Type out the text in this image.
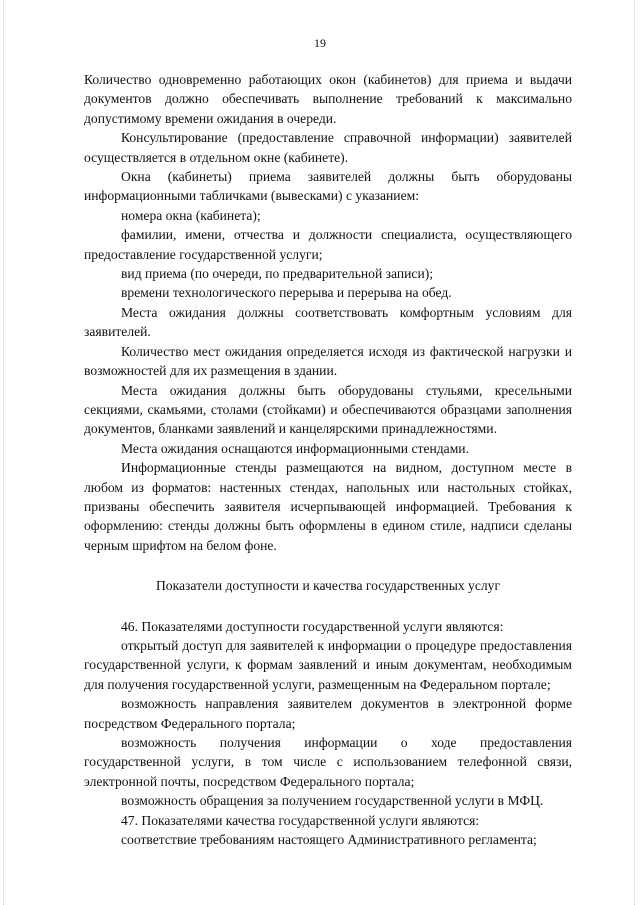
19

Количество одновременно работающих окон (кабинетов) для приема и выдачи документов должно обеспечивать выполнение требований к максимально допустимому времени ожидания в очереди.

Консультирование (предоставление справочной информации) заявителей осуществляется в отдельном окне (кабинете).

Окна (кабинеты) приема заявителей должны быть оборудованы информационными табличками (вывесками) с указанием:

номера окна (кабинета);

фамилии, имени, отчества и должности специалиста, осуществляющего предоставление государственной услуги;

вид приема (по очереди, по предварительной записи);

времени технологического перерыва и перерыва на обед.

Места ожидания должны соответствовать комфортным условиям для заявителей.

Количество мест ожидания определяется исходя из фактической нагрузки и возможностей для их размещения в здании.

Места ожидания должны быть оборудованы стульями, кресельными секциями, скамьями, столами (стойками) и обеспечиваются образцами заполнения документов, бланками заявлений и канцелярскими принадлежностями.

Места ожидания оснащаются информационными стендами.

Информационные стенды размещаются на видном, доступном месте в любом из форматов: настенных стендах, напольных или настольных стойках, призваны обеспечить заявителя исчерпывающей информацией. Требования к оформлению: стенды должны быть оформлены в едином стиле, надписи сделаны черным шрифтом на белом фоне.

Показатели доступности и качества государственных услуг

46. Показателями доступности государственной услуги являются:

открытый доступ для заявителей к информации о процедуре предоставления государственной услуги, к формам заявлений и иным документам, необходимым для получения государственной услуги, размещенным на Федеральном портале;

возможность направления заявителем документов в электронной форме посредством Федерального портала;

возможность получения информации о ходе предоставления государственной услуги, в том числе с использованием телефонной связи, электронной почты, посредством Федерального портала;

возможность обращения за получением государственной услуги в МФЦ.

47. Показателями качества государственной услуги являются:

соответствие требованиям настоящего Административного регламента;
